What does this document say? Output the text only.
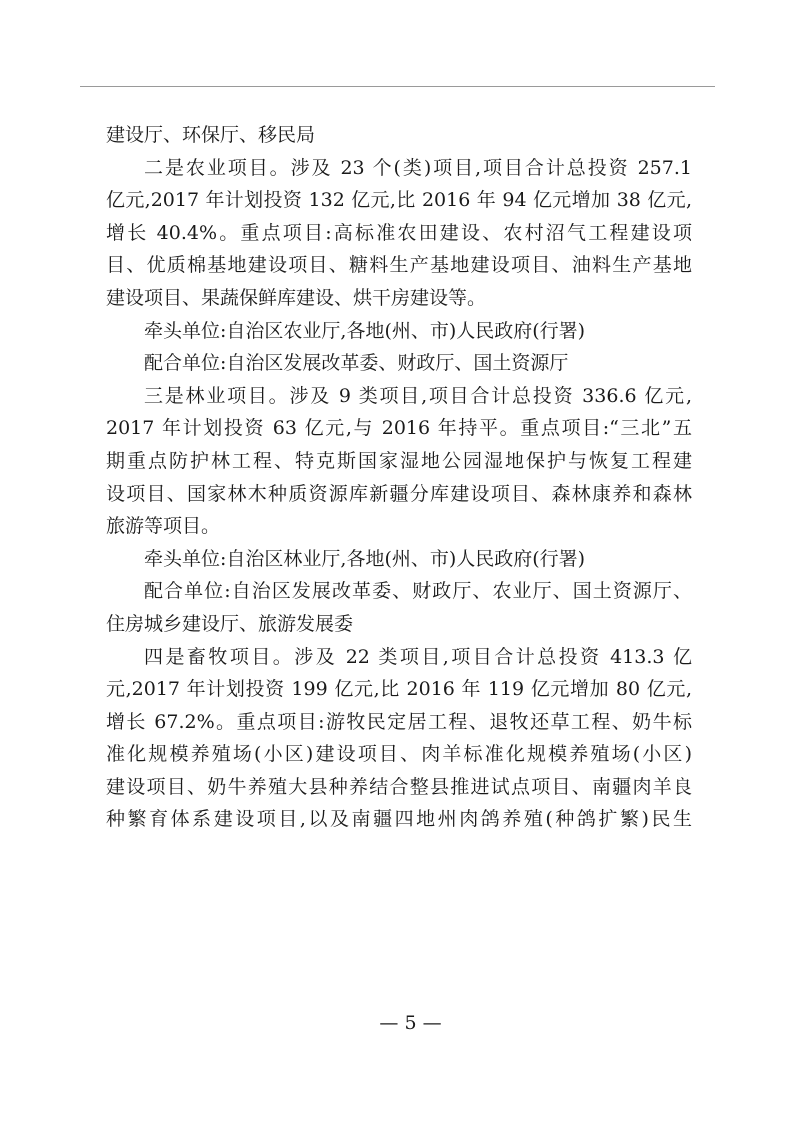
建设厅、环保厅、移民局
二是农业项目。涉及 23 个(类)项目,项目合计总投资 257.1
亿元,2017 年计划投资 132 亿元,比 2016 年 94 亿元增加 38 亿元,
增长 40.4%。重点项目:高标准农田建设、农村沼气工程建设项
目、优质棉基地建设项目、糖料生产基地建设项目、油料生产基地
建设项目、果蔬保鲜库建设、烘干房建设等。
牵头单位:自治区农业厅,各地(州、市)人民政府(行署)
配合单位:自治区发展改革委、财政厅、国土资源厅
三是林业项目。涉及 9 类项目,项目合计总投资 336.6 亿元,
2017 年计划投资 63 亿元,与 2016 年持平。重点项目:“三北”五
期重点防护林工程、特克斯国家湿地公园湿地保护与恢复工程建
设项目、国家林木种质资源库新疆分库建设项目、森林康养和森林
旅游等项目。
牵头单位:自治区林业厅,各地(州、市)人民政府(行署)
配合单位:自治区发展改革委、财政厅、农业厅、国土资源厅、
住房城乡建设厅、旅游发展委
四是畜牧项目。涉及 22 类项目,项目合计总投资 413.3 亿
元,2017 年计划投资 199 亿元,比 2016 年 119 亿元增加 80 亿元,
增长 67.2%。重点项目:游牧民定居工程、退牧还草工程、奶牛标
准化规模养殖场(小区)建设项目、肉羊标准化规模养殖场(小区)
建设项目、奶牛养殖大县种养结合整县推进试点项目、南疆肉羊良
种繁育体系建设项目,以及南疆四地州肉鸽养殖(种鸽扩繁)民生
— 5 —
